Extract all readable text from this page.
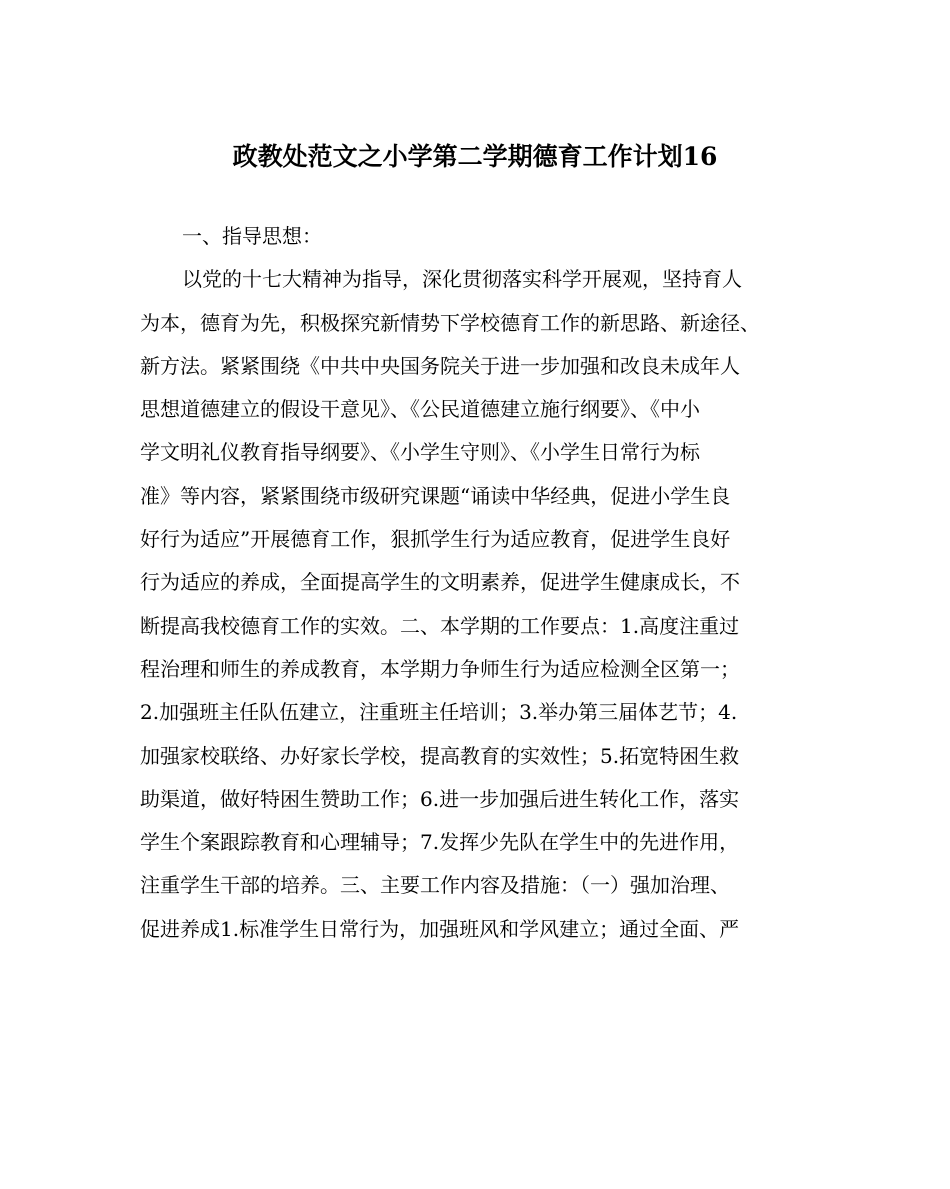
政教处范文之小学第二学期德育工作计划16
一、指导思想：
以党的十七大精神为指导，深化贯彻落实科学开展观，坚持育人
为本，德育为先，积极探究新情势下学校德育工作的新思路、新途径、
新方法。紧紧围绕《中共中央国务院关于进一步加强和改良未成年人
思想道德建立的假设干意见》、《公民道德建立施行纲要》、《中小
学文明礼仪教育指导纲要》、《小学生守则》、《小学生日常行为标
准》等内容，紧紧围绕市级研究课题“诵读中华经典，促进小学生良
好行为适应”开展德育工作，狠抓学生行为适应教育，促进学生良好
行为适应的养成，全面提高学生的文明素养，促进学生健康成长，不
断提高我校德育工作的实效。二、本学期的工作要点：1.高度注重过
程治理和师生的养成教育，本学期力争师生行为适应检测全区第一；
2.加强班主任队伍建立，注重班主任培训；3.举办第三届体艺节；4.
加强家校联络、办好家长学校，提高教育的实效性；5.拓宽特困生救
助渠道，做好特困生赞助工作；6.进一步加强后进生转化工作，落实
学生个案跟踪教育和心理辅导；7.发挥少先队在学生中的先进作用，
注重学生干部的培养。三、主要工作内容及措施：（一）强加治理、
促进养成1.标准学生日常行为，加强班风和学风建立；通过全面、严
